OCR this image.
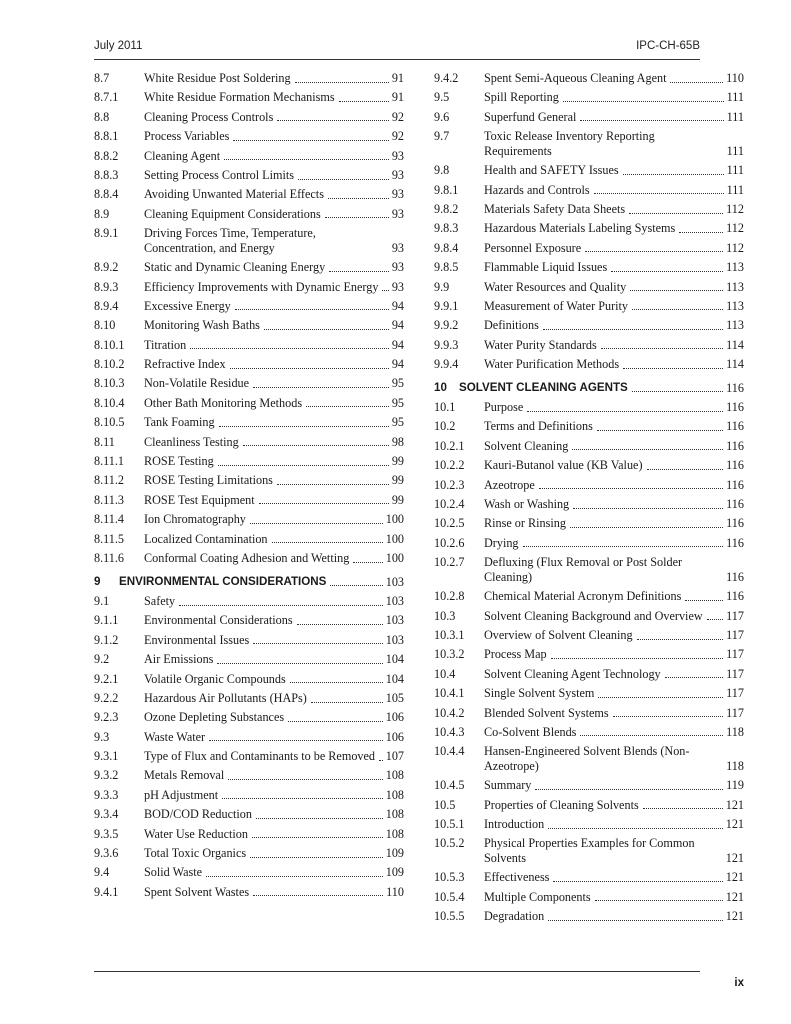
July 2011	IPC-CH-65B
8.7	White Residue Post Soldering	91
8.7.1 White Residue Formation Mechanisms	91
8.8	Cleaning Process Controls	92
8.8.1 Process Variables	92
8.8.2 Cleaning Agent	93
8.8.3 Setting Process Control Limits	93
8.8.4 Avoiding Unwanted Material Effects	93
8.9	Cleaning Equipment Considerations	93
8.9.1 Driving Forces Time, Temperature, Concentration, and Energy	93
8.9.2 Static and Dynamic Cleaning Energy	93
8.9.3 Efficiency Improvements with Dynamic Energy 93
8.9.4 Excessive Energy	94
8.10 Monitoring Wash Baths	94
8.10.1 Titration	94
8.10.2 Refractive Index	94
8.10.3 Non-Volatile Residue	95
8.10.4 Other Bath Monitoring Methods	95
8.10.5 Tank Foaming	95
8.11 Cleanliness Testing	98
8.11.1 ROSE Testing	99
8.11.2 ROSE Testing Limitations	99
8.11.3 ROSE Test Equipment	99
8.11.4 Ion Chromatography	100
8.11.5 Localized Contamination	100
8.11.6 Conformal Coating Adhesion and Wetting	100
9 ENVIRONMENTAL CONSIDERATIONS	103
9.1	Safety	103
9.1.1 Environmental Considerations	103
9.1.2 Environmental Issues	103
9.2	Air Emissions	104
9.2.1 Volatile Organic Compounds	104
9.2.2 Hazardous Air Pollutants (HAPs)	105
9.2.3 Ozone Depleting Substances	106
9.3	Waste Water	106
9.3.1 Type of Flux and Contaminants to be Removed 107
9.3.2 Metals Removal	108
9.3.3 pH Adjustment	108
9.3.4 BOD/COD Reduction	108
9.3.5 Water Use Reduction	108
9.3.6 Total Toxic Organics	109
9.4	Solid Waste	109
9.4.1 Spent Solvent Wastes	110
9.4.2 Spent Semi-Aqueous Cleaning Agent	110
9.5	Spill Reporting	111
9.6	Superfund General	111
9.7	Toxic Release Inventory Reporting Requirements	111
9.8	Health and SAFETY Issues	111
9.8.1 Hazards and Controls	111
9.8.2 Materials Safety Data Sheets	112
9.8.3 Hazardous Materials Labeling Systems	112
9.8.4 Personnel Exposure	112
9.8.5 Flammable Liquid Issues	113
9.9	Water Resources and Quality	113
9.9.1 Measurement of Water Purity	113
9.9.2 Definitions	113
9.9.3 Water Purity Standards	114
9.9.4 Water Purification Methods	114
10 SOLVENT CLEANING AGENTS	116
10.1 Purpose	116
10.2 Terms and Definitions	116
10.2.1 Solvent Cleaning	116
10.2.2 Kauri-Butanol value (KB Value)	116
10.2.3 Azeotrope	116
10.2.4 Wash or Washing	116
10.2.5 Rinse or Rinsing	116
10.2.6 Drying	116
10.2.7 Defluxing (Flux Removal or Post Solder Cleaning)	116
10.2.8 Chemical Material Acronym Definitions	116
10.3 Solvent Cleaning Background and Overview 117
10.3.1 Overview of Solvent Cleaning	117
10.3.2 Process Map	117
10.4 Solvent Cleaning Agent Technology	117
10.4.1 Single Solvent System	117
10.4.2 Blended Solvent Systems	117
10.4.3 Co-Solvent Blends	118
10.4.4 Hansen-Engineered Solvent Blends (Non-Azeotrope)	118
10.4.5 Summary	119
10.5 Properties of Cleaning Solvents	121
10.5.1 Introduction	121
10.5.2 Physical Properties Examples for Common Solvents	121
10.5.3 Effectiveness	121
10.5.4 Multiple Components	121
10.5.5 Degradation	121
ix
